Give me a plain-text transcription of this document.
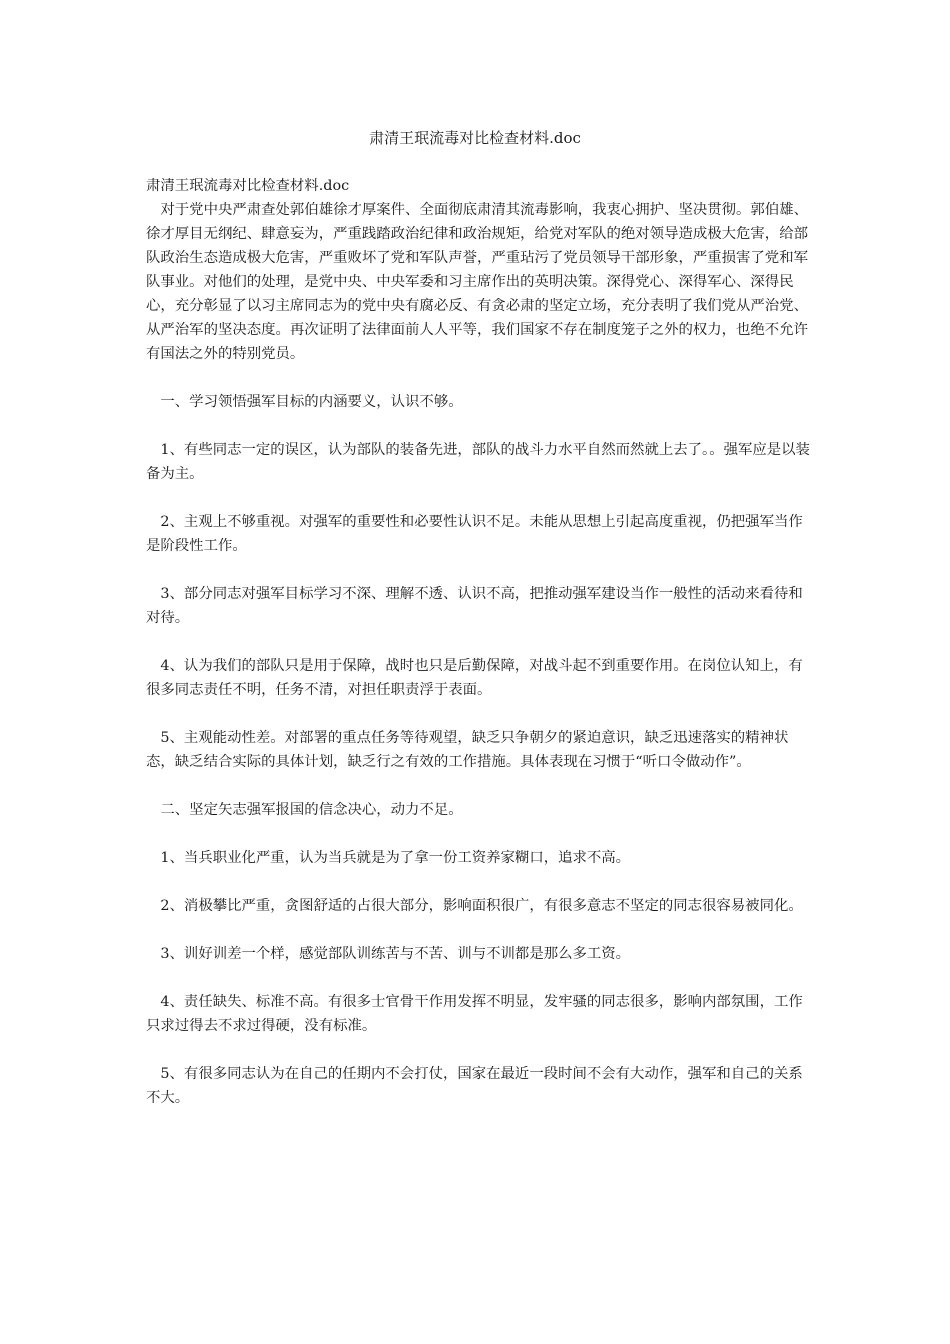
肃清王珉流毒对比检查材料.doc

肃清王珉流毒对比检查材料.doc

对于党中央严肃查处郭伯雄徐才厚案件、全面彻底肃清其流毒影响，我衷心拥护、坚决贯彻。郭伯雄、徐才厚目无纲纪、肆意妄为，严重践踏政治纪律和政治规矩，给党对军队的绝对领导造成极大危害，给部队政治生态造成极大危害，严重败坏了党和军队声誉，严重玷污了党员领导干部形象，严重损害了党和军队事业。对他们的处理，是党中央、中央军委和习主席作出的英明决策。深得党心、深得军心、深得民心，充分彰显了以习主席同志为的党中央有腐必反、有贪必肃的坚定立场，充分表明了我们党从严治党、从严治军的坚决态度。再次证明了法律面前人人平等，我们国家不存在制度笼子之外的权力，也绝不允许有国法之外的特别党员。

一、学习领悟强军目标的内涵要义，认识不够。

1、有些同志一定的误区，认为部队的装备先进，部队的战斗力水平自然而然就上去了。。强军应是以装备为主。

2、主观上不够重视。对强军的重要性和必要性认识不足。未能从思想上引起高度重视，仍把强军当作是阶段性工作。

3、部分同志对强军目标学习不深、理解不透、认识不高，把推动强军建设当作一般性的活动来看待和对待。

4、认为我们的部队只是用于保障，战时也只是后勤保障，对战斗起不到重要作用。在岗位认知上，有很多同志责任不明，任务不清，对担任职责浮于表面。

5、主观能动性差。对部署的重点任务等待观望，缺乏只争朝夕的紧迫意识，缺乏迅速落实的精神状态，缺乏结合实际的具体计划，缺乏行之有效的工作措施。具体表现在习惯于“听口令做动作”。

二、坚定矢志强军报国的信念决心，动力不足。

1、当兵职业化严重，认为当兵就是为了拿一份工资养家糊口，追求不高。

2、消极攀比严重，贪图舒适的占很大部分，影响面积很广，有很多意志不坚定的同志很容易被同化。

3、训好训差一个样，感觉部队训练苦与不苦、训与不训都是那么多工资。

4、责任缺失、标准不高。有很多士官骨干作用发挥不明显，发牢骚的同志很多，影响内部氛围，工作只求过得去不求过得硬，没有标准。

5、有很多同志认为在自己的任期内不会打仗，国家在最近一段时间不会有大动作，强军和自己的关系不大。
